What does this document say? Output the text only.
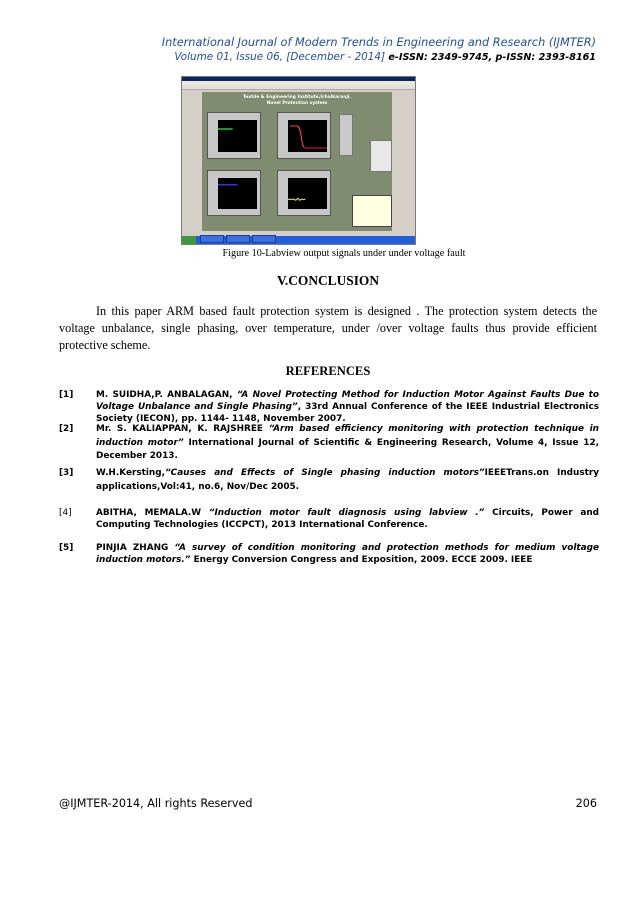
International Journal of Modern Trends in Engineering and Research (IJMTER)
Volume 01, Issue 06, [December - 2014] e-ISSN: 2349-9745, p-ISSN: 2393-8161
Textile & Engineering Institute,Ichalkaranji.
Novel Protection system
Figure 10-Labview output signals under under voltage fault
V.CONCLUSION
In this paper ARM based fault protection system is designed . The protection system detects the voltage unbalance, single phasing, over temperature, under /over voltage faults thus provide efficient protective scheme.
REFERENCES
[1]	M. SUIDHA,P. ANBALAGAN, “A Novel Protecting Method for Induction Motor Against Faults Due to Voltage Unbalance and Single Phasing”, 33rd Annual Conference of the IEEE Industrial Electronics Society (IECON), pp. 1144- 1148, November 2007.
[2]	Mr. S. KALIAPPAN, K. RAJSHREE “Arm based efficiency monitoring with protection technique in induction motor” International Journal of Scientific & Engineering Research, Volume 4, Issue 12, December 2013.
[3]	W.H.Kersting,“Causes and Effects of Single phasing induction motors”IEEETrans.on Industry applications,Vol:41, no.6, Nov/Dec 2005.
[4]	ABITHA, MEMALA.W “Induction motor fault diagnosis using labview .” Circuits, Power and Computing Technologies (ICCPCT), 2013 International Conference.
[5]	PINJIA ZHANG “A survey of condition monitoring and protection methods for medium voltage induction motors.” Energy Conversion Congress and Exposition, 2009. ECCE 2009. IEEE
@IJMTER-2014, All rights Reserved	206
